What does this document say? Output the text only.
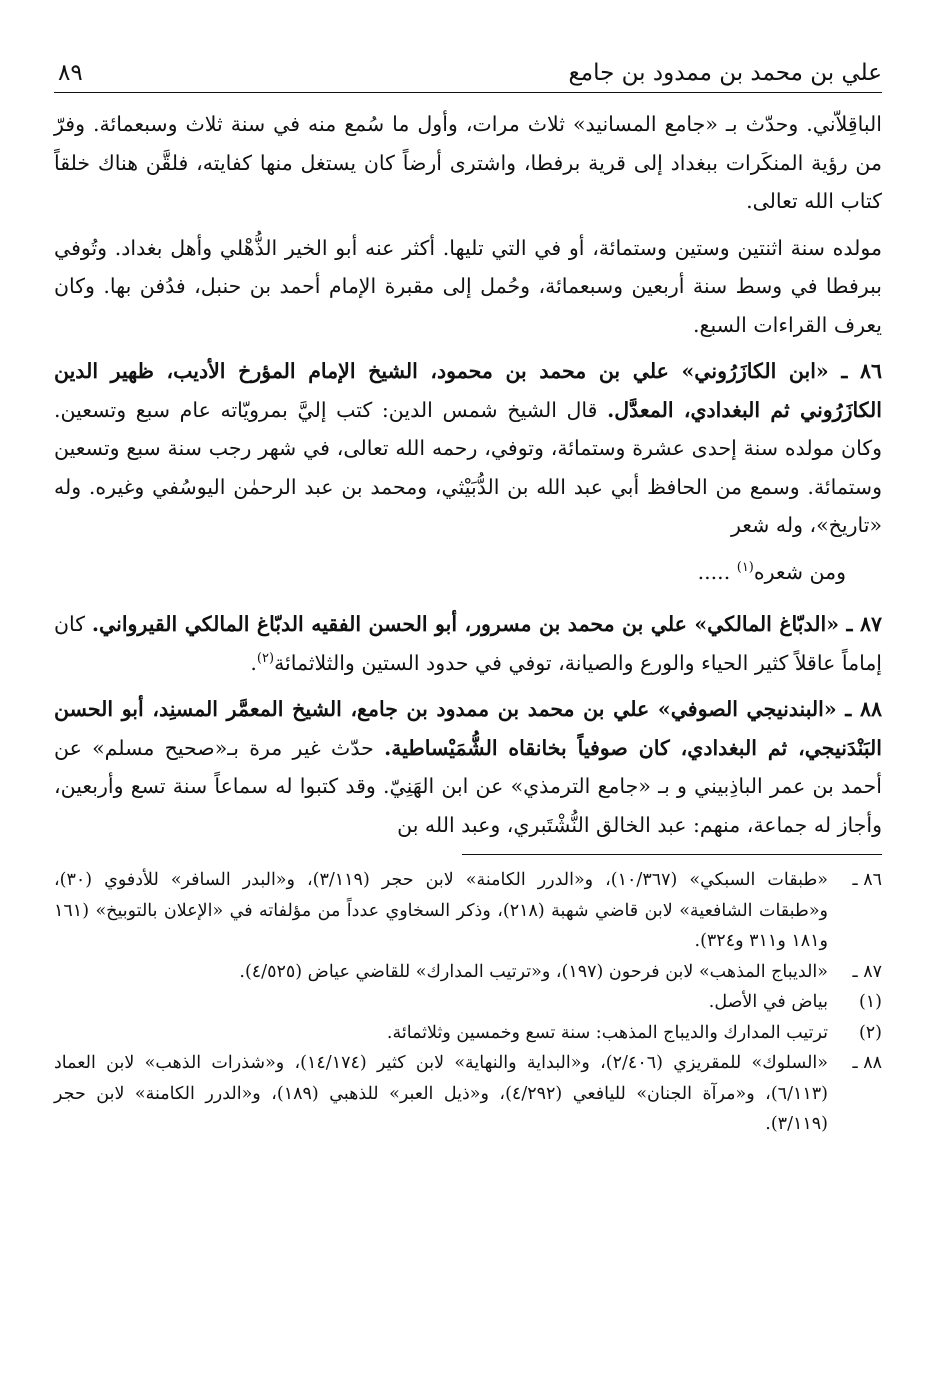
علي بن محمد بن ممدود بن جامع
٨٩

الباقِلاّني. وحدّث بـ «جامع المسانيد» ثلاث مرات، وأول ما سُمع منه في سنة ثلاث وسبعمائة. وفرّ من رؤية المنكَرات ببغداد إلى قرية برفطا، واشترى أرضاً كان يستغل منها كفايته، فلقَّن هناك خلقاً كتاب الله تعالى.

مولده سنة اثنتين وستين وستمائة، أو في التي تليها. أكثر عنه أبو الخير الذُّهْلي وأهل بغداد. وتُوفي ببرفطا في وسط سنة أربعين وسبعمائة، وحُمل إلى مقبرة الإمام أحمد بن حنبل، فدُفن بها. وكان يعرف القراءات السبع.

٨٦ ـ «ابن الكازَرُوني» علي بن محمد بن محمود، الشيخ الإمام المؤرخ الأديب، ظهير الدين الكازَرُوني ثم البغدادي، المعدَّل. قال الشيخ شمس الدين: كتب إليَّ بمرويّاته عام سبع وتسعين. وكان مولده سنة إحدى عشرة وستمائة، وتوفي، رحمه الله تعالى، في شهر رجب سنة سبع وتسعين وستمائة. وسمع من الحافظ أبي عبد الله بن الدُّبَيْثي، ومحمد بن عبد الرحمٰن اليوسُفي وغيره. وله «تاريخ»، وله شعر

ومن شعره$^{(١)}$ .....

٨٧ ـ «الدبّاغ المالكي» علي بن محمد بن مسرور، أبو الحسن الفقيه الدبّاغ المالكي القيرواني. كان إماماً عاقلاً كثير الحياء والورع والصيانة، توفي في حدود الستين والثلاثمائة$^{(٢)}$.

٨٨ ـ «البندنيجي الصوفي» علي بن محمد بن ممدود بن جامع، الشيخ المعمَّر المسنِد، أبو الحسن البَنْدَنيجي، ثم البغدادي، كان صوفياً بخانقاه الشُّمَيْساطية. حدّث غير مرة بـ«صحيح مسلم» عن أحمد بن عمر الباذِبيني و بـ «جامع الترمذي» عن ابن الهَنِيّ. وقد كتبوا له سماعاً سنة تسع وأربعين، وأجاز له جماعة، منهم: عبد الخالق النُّشْتَبري، وعبد الله بن

٨٦ ـ
«طبقات السبكي» (١٠/٣٦٧)، و«الدرر الكامنة» لابن حجر (٣/١١٩)، و«البدر السافر» للأدفوي (٣٠)، و«طبقات الشافعية» لابن قاضي شهبة (٢١٨)، وذكر السخاوي عدداً من مؤلفاته في «الإعلان بالتوبيخ» (١٦١ و١٨١ و٣١١ و٣٢٤).
٨٧ ـ
«الديباج المذهب» لابن فرحون (١٩٧)، و«ترتيب المدارك» للقاضي عياض (٤/٥٢٥).
(١)
بياض في الأصل.
(٢)
ترتيب المدارك والديباج المذهب: سنة تسع وخمسين وثلاثمائة.
٨٨ ـ
«السلوك» للمقريزي (٢/٤٠٦)، و«البداية والنهاية» لابن كثير (١٤/١٧٤)، و«شذرات الذهب» لابن العماد (٦/١١٣)، و«مرآة الجنان» لليافعي (٤/٢٩٢)، و«ذيل العبر» للذهبي (١٨٩)، و«الدرر الكامنة» لابن حجر (٣/١١٩).
